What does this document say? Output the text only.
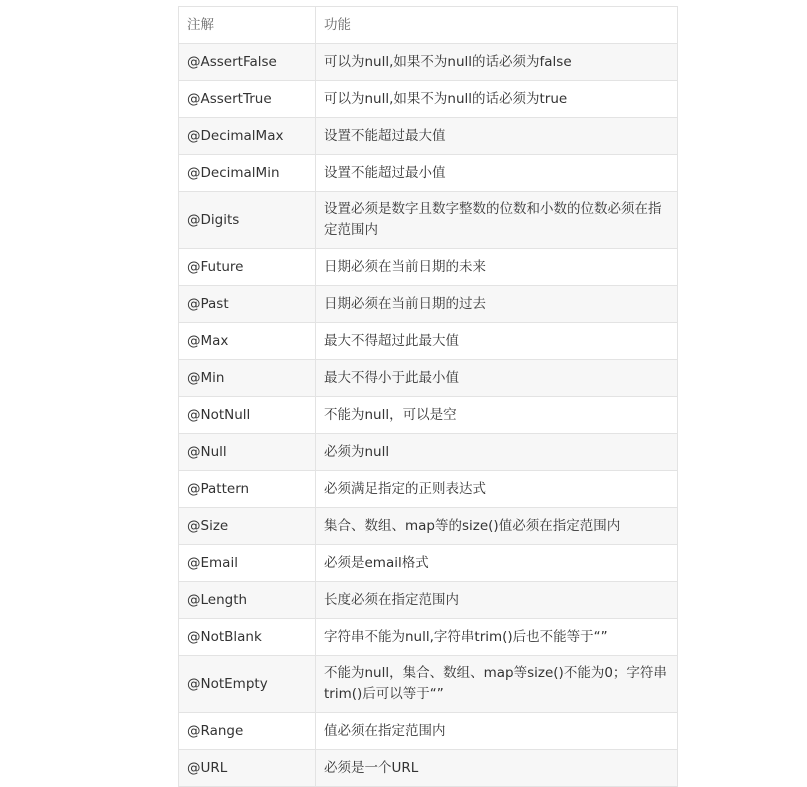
注解	功能
@AssertFalse	可以为null,如果不为null的话必须为false
@AssertTrue	可以为null,如果不为null的话必须为true
@DecimalMax	设置不能超过最大值
@DecimalMin	设置不能超过最小值
@Digits	设置必须是数字且数字整数的位数和小数的位数必须在指定范围内
@Future	日期必须在当前日期的未来
@Past	日期必须在当前日期的过去
@Max	最大不得超过此最大值
@Min	最大不得小于此最小值
@NotNull	不能为null，可以是空
@Null	必须为null
@Pattern	必须满足指定的正则表达式
@Size	集合、数组、map等的size()值必须在指定范围内
@Email	必须是email格式
@Length	长度必须在指定范围内
@NotBlank	字符串不能为null,字符串trim()后也不能等于“”
@NotEmpty	不能为null，集合、数组、map等size()不能为0；字符串trim()后可以等于“”
@Range	值必须在指定范围内
@URL	必须是一个URL
